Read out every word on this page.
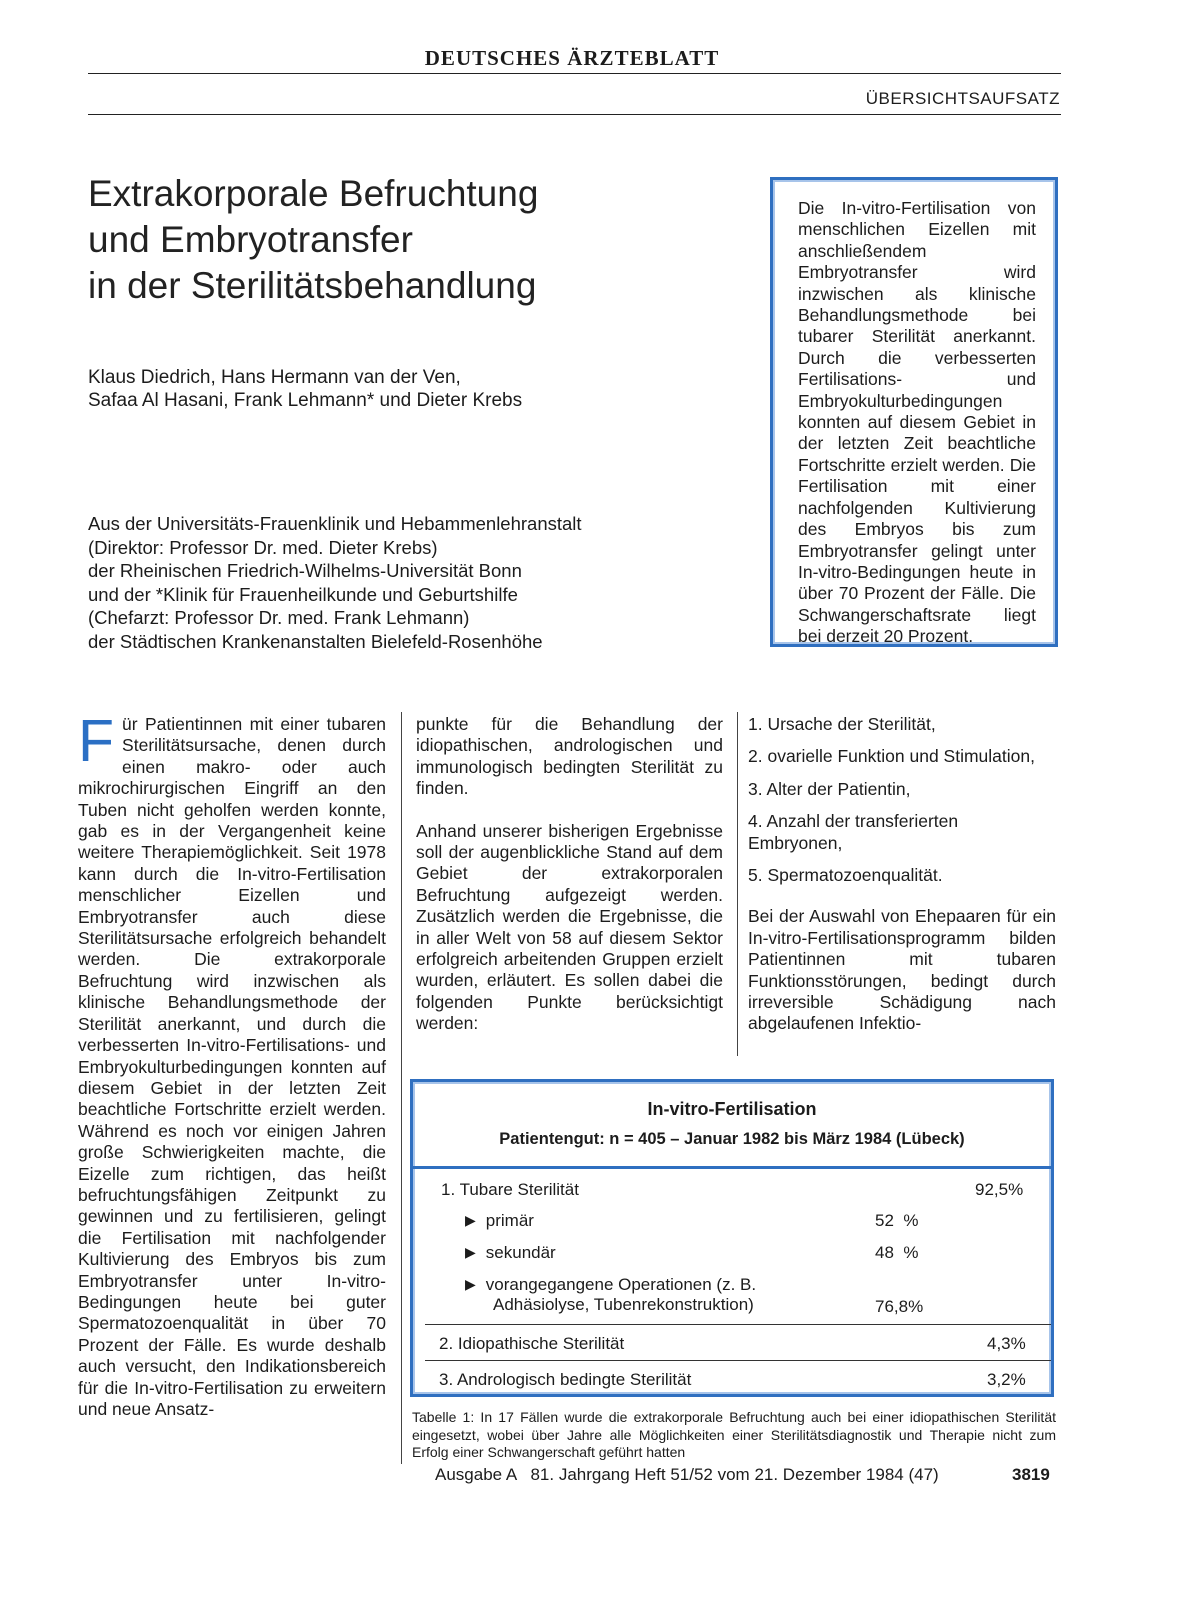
DEUTSCHES ÄRZTEBLATT
ÜBERSICHTSAUFSATZ
Extrakorporale Befruchtung
und Embryotransfer
in der Sterilitätsbehandlung
Klaus Diedrich, Hans Hermann van der Ven,
Safaa Al Hasani, Frank Lehmann* und Dieter Krebs
Aus der Universitäts-Frauenklinik und Hebammenlehranstalt
(Direktor: Professor Dr. med. Dieter Krebs)
der Rheinischen Friedrich-Wilhelms-Universität Bonn
und der *Klinik für Frauenheilkunde und Geburtshilfe
(Chefarzt: Professor Dr. med. Frank Lehmann)
der Städtischen Krankenanstalten Bielefeld-Rosenhöhe
Die In-vitro-Fertilisation von menschlichen Eizellen mit anschließendem Embryotransfer wird inzwischen als klinische Behandlungsmethode bei tubarer Sterilität anerkannt. Durch die verbesserten Fertilisations- und Embryokulturbedingungen konnten auf diesem Gebiet in der letzten Zeit beachtliche Fortschritte erzielt werden. Die Fertilisation mit einer nachfolgenden Kultivierung des Embryos bis zum Embryotransfer gelingt unter In-vitro-Bedingungen heute in über 70 Prozent der Fälle. Die Schwangerschaftsrate liegt bei derzeit 20 Prozent.
F ür Patientinnen mit einer tubaren Sterilitätsursache, denen durch einen makro- oder auch mikrochirurgischen Eingriff an den Tuben nicht geholfen werden konnte, gab es in der Vergangenheit keine weitere Therapiemöglichkeit. Seit 1978 kann durch die In-vitro-Fertilisation menschlicher Eizellen und Embryotransfer auch diese Sterilitätsursache erfolgreich behandelt werden. Die extrakorporale Befruchtung wird inzwischen als klinische Behandlungsmethode der Sterilität anerkannt, und durch die verbesserten In-vitro-Fertilisations- und Embryokulturbedingungen konnten auf diesem Gebiet in der letzten Zeit beachtliche Fortschritte erzielt werden. Während es noch vor einigen Jahren große Schwierigkeiten machte, die Eizelle zum richtigen, das heißt befruchtungsfähigen Zeitpunkt zu gewinnen und zu fertilisieren, gelingt die Fertilisation mit nachfolgender Kultivierung des Embryos bis zum Embryotransfer unter In-vitro-Bedingungen heute bei guter Spermatozoenqualität in über 70 Prozent der Fälle. Es wurde deshalb auch versucht, den Indikationsbereich für die In-vitro-Fertilisation zu erweitern und neue Ansatz-

punkte für die Behandlung der idiopathischen, andrologischen und immunologisch bedingten Sterilität zu finden.

Anhand unserer bisherigen Ergebnisse soll der augenblickliche Stand auf dem Gebiet der extrakorporalen Befruchtung aufgezeigt werden. Zusätzlich werden die Ergebnisse, die in aller Welt von 58 auf diesem Sektor erfolgreich arbeitenden Gruppen erzielt wurden, erläutert. Es sollen dabei die folgenden Punkte berücksichtigt werden:

1. Ursache der Sterilität,
2. ovarielle Funktion und Stimulation,
3. Alter der Patientin,
4. Anzahl der transferierten Embryonen,
5. Spermatozoenqualität.

Bei der Auswahl von Ehepaaren für ein In-vitro-Fertilisationsprogramm bilden Patientinnen mit tubaren Funktionsstörungen, bedingt durch irreversible Schädigung nach abgelaufenen Infektio-

In-vitro-Fertilisation
Patientengut: n = 405 – Januar 1982 bis März 1984 (Lübeck)
1. Tubare Sterilität	92,5%
▶ primär	52  %
▶ sekundär	48  %
▶ vorangegangene Operationen (z. B.
Adhäsiolyse, Tubenrekonstruktion)	76,8%
2. Idiopathische Sterilität	4,3%
3. Andrologisch bedingte Sterilität	3,2%
Tabelle 1: In 17 Fällen wurde die extrakorporale Befruchtung auch bei einer idiopathischen Sterilität eingesetzt, wobei über Jahre alle Möglichkeiten einer Sterilitätsdiagnostik und Therapie nicht zum Erfolg einer Schwangerschaft geführt hatten
Ausgabe A   81. Jahrgang Heft 51/52 vom 21. Dezember 1984 (47)	3819
